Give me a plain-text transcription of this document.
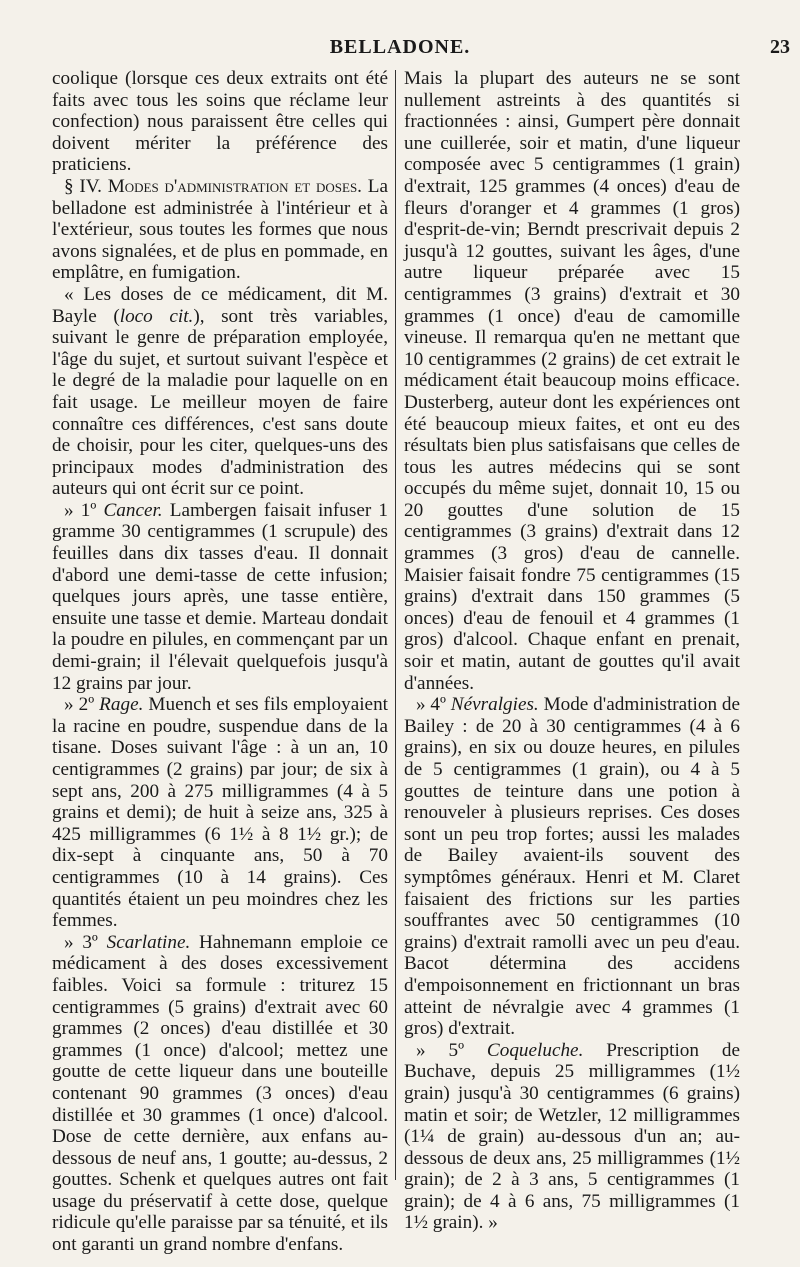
BELLADONE.	23

coolique (lorsque ces deux extraits ont été faits avec tous les soins que réclame leur confection) nous paraissent être celles qui doivent mériter la préférence des praticiens.

§ IV. Modes d'administration et doses. La belladone est administrée à l'intérieur et à l'extérieur, sous toutes les formes que nous avons signalées, et de plus en pommade, en emplâtre, en fumigation.

« Les doses de ce médicament, dit M. Bayle (loco cit.), sont très variables, suivant le genre de préparation employée, l'âge du sujet, et surtout suivant l'espèce et le degré de la maladie pour laquelle on en fait usage. Le meilleur moyen de faire connaître ces différences, c'est sans doute de choisir, pour les citer, quelques-uns des principaux modes d'administration des auteurs qui ont écrit sur ce point.

» 1º Cancer. Lambergen faisait infuser 1 gramme 30 centigrammes (1 scrupule) des feuilles dans dix tasses d'eau. Il donnait d'abord une demi-tasse de cette infusion; quelques jours après, une tasse entière, ensuite une tasse et demie. Marteau dondait la poudre en pilules, en commençant par un demi-grain; il l'élevait quelquefois jusqu'à 12 grains par jour.

» 2º Rage. Muench et ses fils employaient la racine en poudre, suspendue dans de la tisane. Doses suivant l'âge : à un an, 10 centigrammes (2 grains) par jour; de six à sept ans, 200 à 275 milligrammes (4 à 5 grains et demi); de huit à seize ans, 325 à 425 milligrammes (6 1½ à 8 1½ gr.); de dix-sept à cinquante ans, 50 à 70 centigrammes (10 à 14 grains). Ces quantités étaient un peu moindres chez les femmes.

» 3º Scarlatine. Hahnemann emploie ce médicament à des doses excessivement faibles. Voici sa formule : triturez 15 centigrammes (5 grains) d'extrait avec 60 grammes (2 onces) d'eau distillée et 30 grammes (1 once) d'alcool; mettez une goutte de cette liqueur dans une bouteille contenant 90 grammes (3 onces) d'eau distillée et 30 grammes (1 once) d'alcool. Dose de cette dernière, aux enfans au-dessous de neuf ans, 1 goutte; au-dessus, 2 gouttes. Schenk et quelques autres ont fait usage du préservatif à cette dose, quelque ridicule qu'elle paraisse par sa ténuité, et ils ont garanti un grand nombre d'enfans.

Mais la plupart des auteurs ne se sont nullement astreints à des quantités si fractionnées : ainsi, Gumpert père donnait une cuillerée, soir et matin, d'une liqueur composée avec 5 centigrammes (1 grain) d'extrait, 125 grammes (4 onces) d'eau de fleurs d'oranger et 4 grammes (1 gros) d'esprit-de-vin; Berndt prescrivait depuis 2 jusqu'à 12 gouttes, suivant les âges, d'une autre liqueur préparée avec 15 centigrammes (3 grains) d'extrait et 30 grammes (1 once) d'eau de camomille vineuse. Il remarqua qu'en ne mettant que 10 centigrammes (2 grains) de cet extrait le médicament était beaucoup moins efficace. Dusterberg, auteur dont les expériences ont été beaucoup mieux faites, et ont eu des résultats bien plus satisfaisans que celles de tous les autres médecins qui se sont occupés du même sujet, donnait 10, 15 ou 20 gouttes d'une solution de 15 centigrammes (3 grains) d'extrait dans 12 grammes (3 gros) d'eau de cannelle. Maisier faisait fondre 75 centigrammes (15 grains) d'extrait dans 150 grammes (5 onces) d'eau de fenouil et 4 grammes (1 gros) d'alcool. Chaque enfant en prenait, soir et matin, autant de gouttes qu'il avait d'années.

» 4º Névralgies. Mode d'administration de Bailey : de 20 à 30 centigrammes (4 à 6 grains), en six ou douze heures, en pilules de 5 centigrammes (1 grain), ou 4 à 5 gouttes de teinture dans une potion à renouveler à plusieurs reprises. Ces doses sont un peu trop fortes; aussi les malades de Bailey avaient-ils souvent des symptômes généraux. Henri et M. Claret faisaient des frictions sur les parties souffrantes avec 50 centigrammes (10 grains) d'extrait ramolli avec un peu d'eau. Bacot détermina des accidens d'empoisonnement en frictionnant un bras atteint de névralgie avec 4 grammes (1 gros) d'extrait.

» 5º Coqueluche. Prescription de Buchave, depuis 25 milligrammes (1½ grain) jusqu'à 30 centigrammes (6 grains) matin et soir; de Wetzler, 12 milligrammes (1¼ de grain) au-dessous d'un an; au-dessous de deux ans, 25 milligrammes (1½ grain); de 2 à 3 ans, 5 centigrammes (1 grain); de 4 à 6 ans, 75 milligrammes (1 1½ grain). »
